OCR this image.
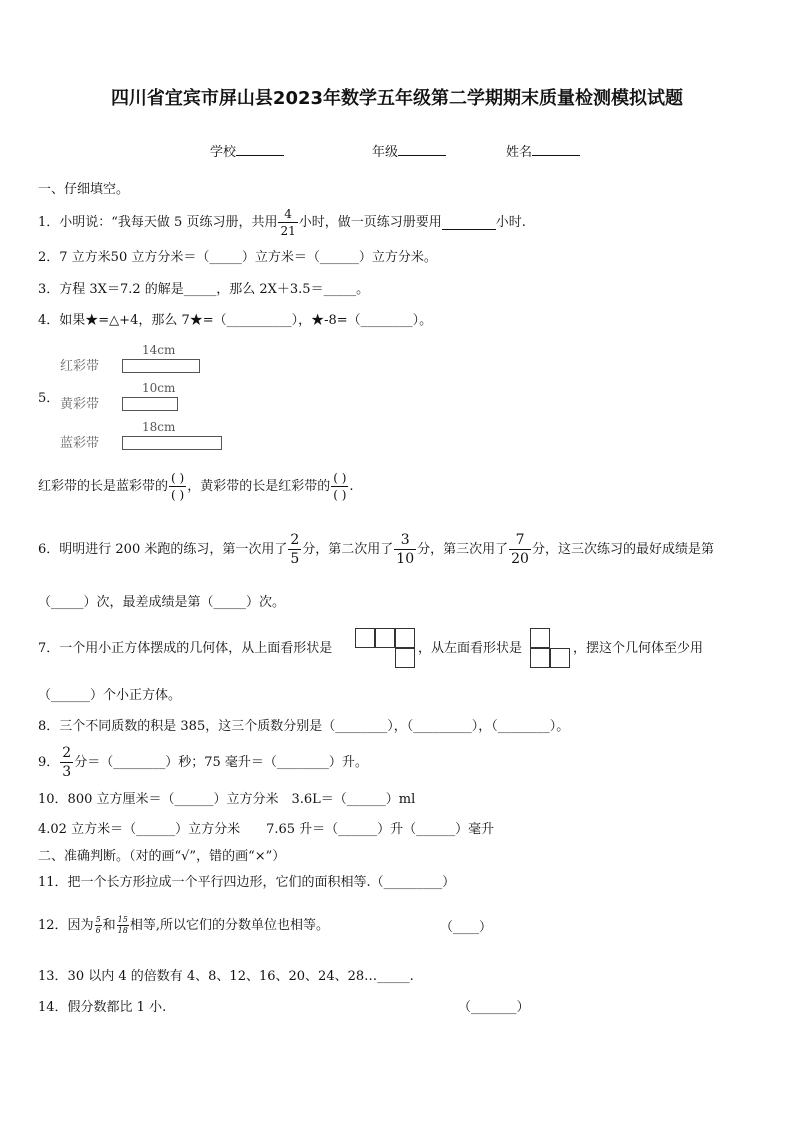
四川省宜宾市屏山县2023年数学五年级第二学期期末质量检测模拟试题
学校	年级	姓名
一、仔细填空。
1． 小明说：“我每天做 5 页练习册，共用 $\frac{4}{21}$ 小时，做一页练习册要用	小时.
2．7 立方米50 立方分米＝（_____）立方米＝（______）立方分米。
3．方程 3X＝7.2 的解是_____，那么 2X＋3.5＝_____。
4．如果★=△+4，那么 7★=（__________），★-8=（________）。
5．
14cm
红彩带
10cm
黄彩带
18cm
蓝彩带
红彩带的长是蓝彩带的 $\frac{( )}{( )}$ ，黄彩带的长是红彩带的 $\frac{( )}{( )}$ .
6． 明明进行 200 米跑的练习，第一次用了 $\frac{2}{5}$ 分，第二次用了 $\frac{3}{10}$ 分，第三次用了 $\frac{7}{20}$ 分，这三次练习的最好成绩是第
（_____）次，最差成绩是第（_____）次。
7．一个用小正方体摆成的几何体，从上面看形状是	，从左面看形状是	，摆这个几何体至少用
（______）个小正方体。
8．三个不同质数的积是 385，这三个质数分别是（________），（_________），（________）。
9． $\frac{2}{3}$ 分＝（________）秒；75 毫升＝（________）升。
10．800 立方厘米＝（______）立方分米　3.6L＝（______）ml
4.02 立方米＝（______）立方分米　　7.65 升＝（______）升（______）毫升
二、准确判断。（对的画“√”，错的画“×”）
11．把一个长方形拉成一个平行四边形，它们的面积相等.（_________）
12． 因为 $\frac{5}{6}$ 和 $\frac{15}{18}$ 相等,所以它们的分数单位也相等。	（____）
13．30 以内 4 的倍数有 4、8、12、16、20、24、28…_____.
14．假分数都比 1 小.	（_______）
